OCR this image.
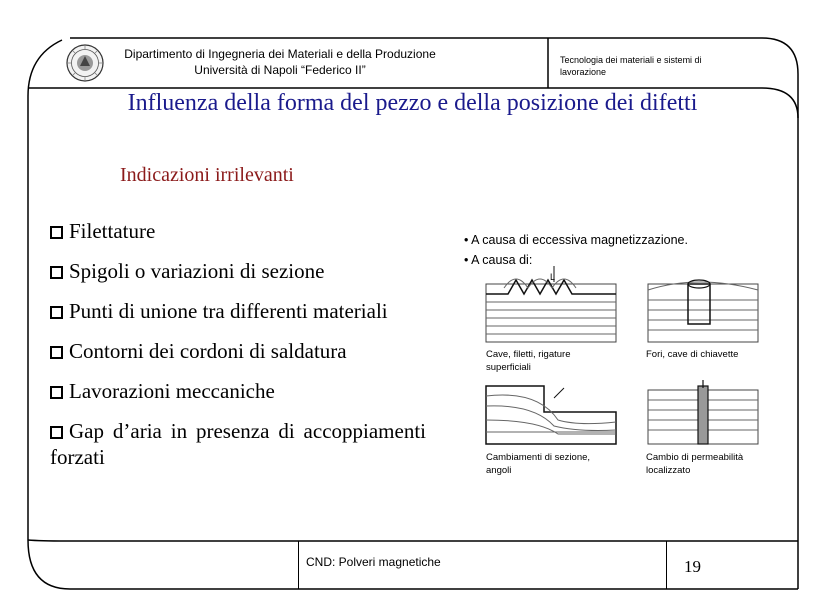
Dipartimento di Ingegneria dei Materiali e della Produzione
Università di Napoli “Federico II”
Tecnologia dei materiali e sistemi di lavorazione
Influenza della forma del pezzo e della posizione dei difetti
Indicazioni irrilevanti
Filettature
Spigoli o variazioni di sezione
Punti di unione tra differenti materiali
Contorni dei cordoni di saldatura
Lavorazioni meccaniche
Gap d’aria in presenza di accoppiamenti forzati
• A causa di eccessiva magnetizzazione.
• A causa di:
L
Cave, filetti, rigature
superficiali
Fori, cave di chiavette
Cambiamenti di sezione,
angoli
Cambio di permeabilità
localizzato
CND: Polveri magnetiche	19
